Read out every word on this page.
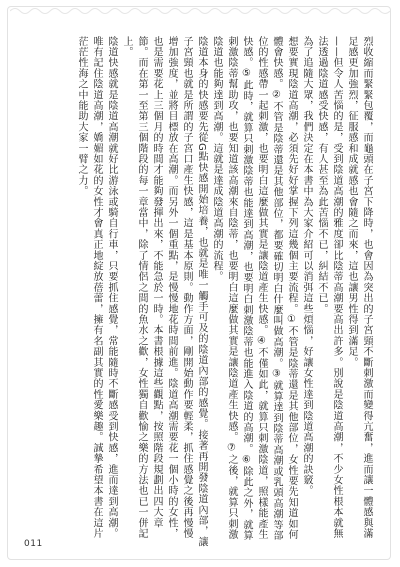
烈收縮而緊緊包覆，而龜頭在子宮下降時，也會因為突出的子宮頸不斷刺激而變得亢奮，進而讓一體感與滿足感更加強烈，征服感和成就感也會隨之而來，這也讓男性得到滿足。

——但令人苦惱的是，受到陰道高潮的雅度卻比陰蒂高潮要高出許多。別說是陰道高潮，不少女性根本就無法透過陰道感受快感，有人甚至為此苦惱不已，糾結不已。

為了追隨大眾，我們決定在本書中為大家介紹可以消弭這些煩惱，好讓女性達到陰道高潮的訣竅。

想要實現陰道高潮，必須先好好掌握下列這幾個主要流程。①不管是陰蒂還是其他部位，女性要先知道如何體會快感。②不管是陰蒂還是其他部位，都要確切明白什麼叫做高潮。③就算達到陰蒂高潮或乳頭高潮等部位的性感帶一起刺激，也要明白這麼做其實是讓陰道產生快感。④不僅如此，就算只刺激陰道，照樣能產生快感。⑤此時，就算只刺激陰蒂也能達到高潮，也要明白刺激陰蒂也能進入陰道的高潮。⑥除此之外，就算刺激陰蒂幫助攻，也要知道該高潮來自陰蒂，也要明白這麼做其實是讓陰道產生快感。⑦之後，就算只刺激陰道也能夠達到高潮。這就是達成陰道高潮的流程。

陰道本身的快感要先從G點快感開始培養，也就是唯一觸手可及的陰道內部的感覺。接著再開發陰道內部，讓子宮頸也就是所謂的子宮口產生快感，這是基本原則。動作方面，剛開始動作要輕柔，抓住感覺之後再慢慢增加強度，並將目標放在高潮。而另外一個重點，是慢慢地花時間前進。陰道高潮需要花一個小時的女性，也是需要花上三個月的時間才能夠發揮出來，不能急於一時。本書根據這些觀點，按照階段規劃出四大章節。而在第一至第三個階段的每一章當中，除了情侶之間的魚水之歡，女性獨自歡愉之樂的方法也已一併記上。

陰道快感就是陰道高潮就好比游泳或騎自行車，只要抓住感覺，常能隨時不斷感受到快感，進而達到高潮。唯有記住陰道高潮，嬌媚如花的女性才會真正地綻放蓓蕾，擁有名副其實的性愛樂趣。誠摯希望本書在這片茫茫性海之中能助大家一臂之力。

011
